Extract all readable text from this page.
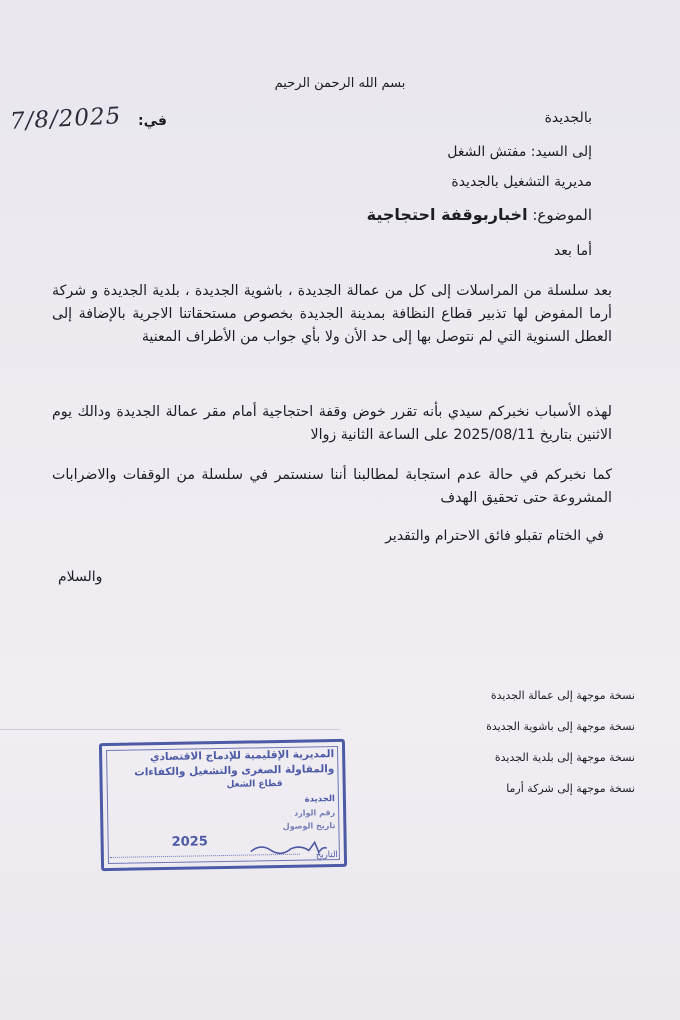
بسم الله الرحمن الرحيم
بالجديدة
في:
7/8/2025
إلى السيد: مفتش الشغل
مديرية التشغيل بالجديدة
الموضوع: اخباربوقفة احتجاجية
أما بعد
بعد سلسلة من المراسلات إلى كل من عمالة الجديدة ، باشوية الجديدة ، بلدية الجديدة و شركة أرما المفوض لها تذبير قطاع النظافة بمدينة الجديدة بخصوص مستحقاتنا الاجرية بالإضافة إلى العطل السنوية التي لم نتوصل بها إلى حد الأن ولا بأي جواب من الأطراف المعنية
لهذه الأسباب نخبركم سيدي بأنه تقرر خوض وقفة احتجاجية أمام مقر عمالة الجديدة ودالك يوم الاثنين بتاريخ 2025/08/11 على الساعة الثانية زوالا
كما نخبركم في حالة عدم استجابة لمطالبنا أننا سنستمر في سلسلة من الوقفات والاضرابات المشروعة حتى تحقيق الهدف
في الختام تقبلو فائق الاحترام والتقدير
والسلام
نسخة موجهة إلى عمالة الجديدة
نسخة موجهة إلى باشوية الجديدة
نسخة موجهة إلى بلدية الجديدة
نسخة موجهة إلى شركة أرما
المديرية الإقليمية للإدماج الاقتصادي
والمقاولة الصغرى والتشغيل والكفاءات
قطاع الشغل
الجديدة
رقم الوارد
تاريخ الوصول
2025
التاريخ
